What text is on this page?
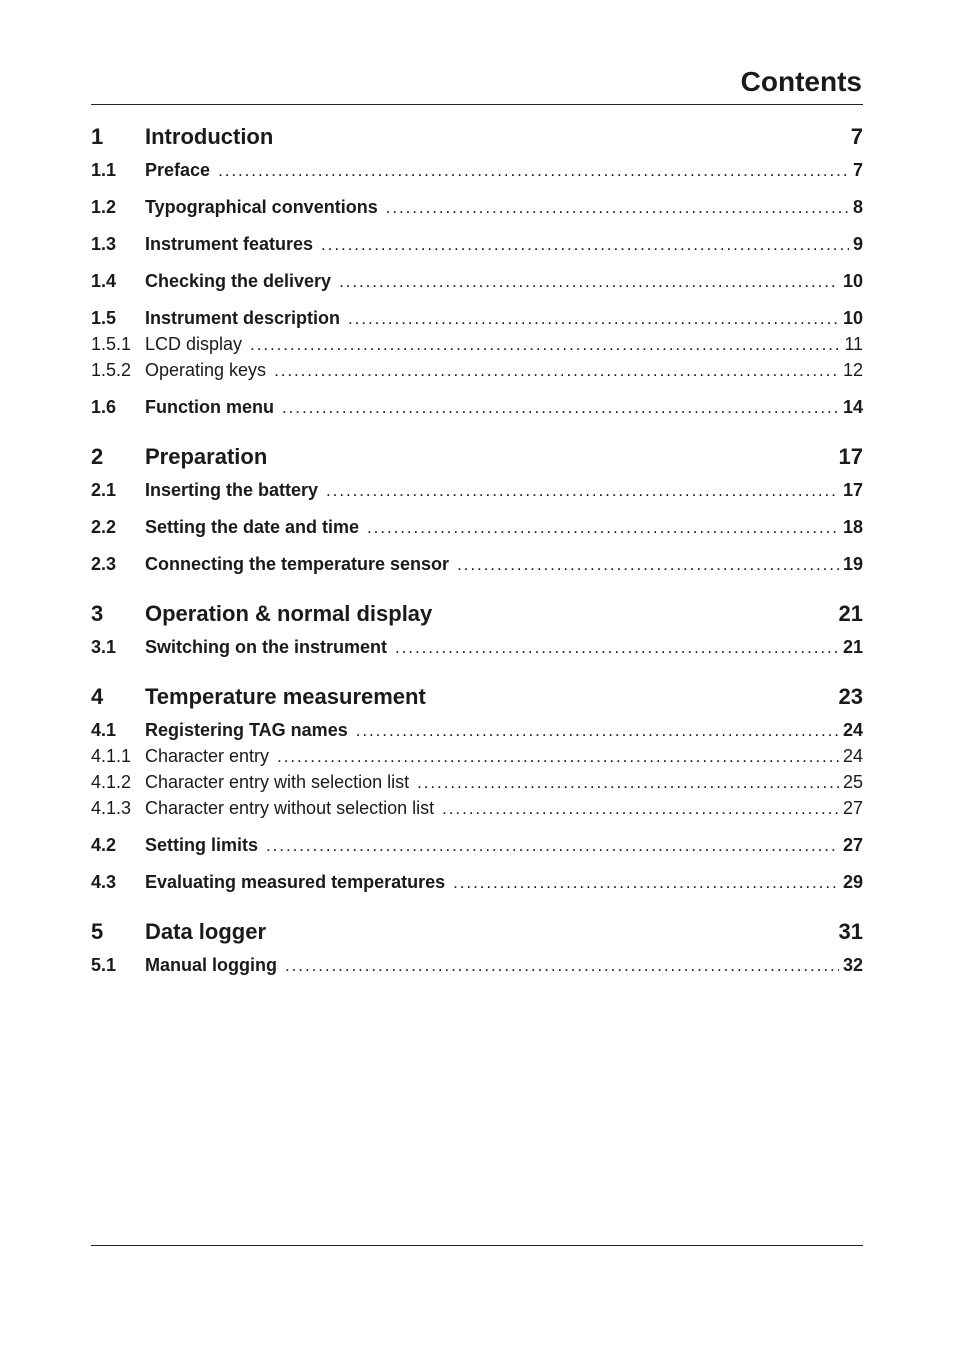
Contents
1	Introduction	7
1.1	Preface . . .	7
1.2	Typographical conventions . . .	8
1.3	Instrument features . . .	9
1.4	Checking the delivery . . .	10
1.5	Instrument description . . .	10
1.5.1 LCD display . . .	11
1.5.2 Operating keys . . .	12
1.6	Function menu . . .	14
2	Preparation	17
2.1	Inserting the battery . . .	17
2.2	Setting the date and time . . .	18
2.3	Connecting the temperature sensor . . .	19
3	Operation & normal display	21
3.1	Switching on the instrument . . .	21
4	Temperature measurement	23
4.1	Registering TAG names . . .	24
4.1.1 Character entry . . .	24
4.1.2 Character entry with selection list . . .	25
4.1.3 Character entry without selection list . . .	27
4.2	Setting limits . . .	27
4.3	Evaluating measured temperatures . . .	29
5	Data logger	31
5.1	Manual logging . . .	32
